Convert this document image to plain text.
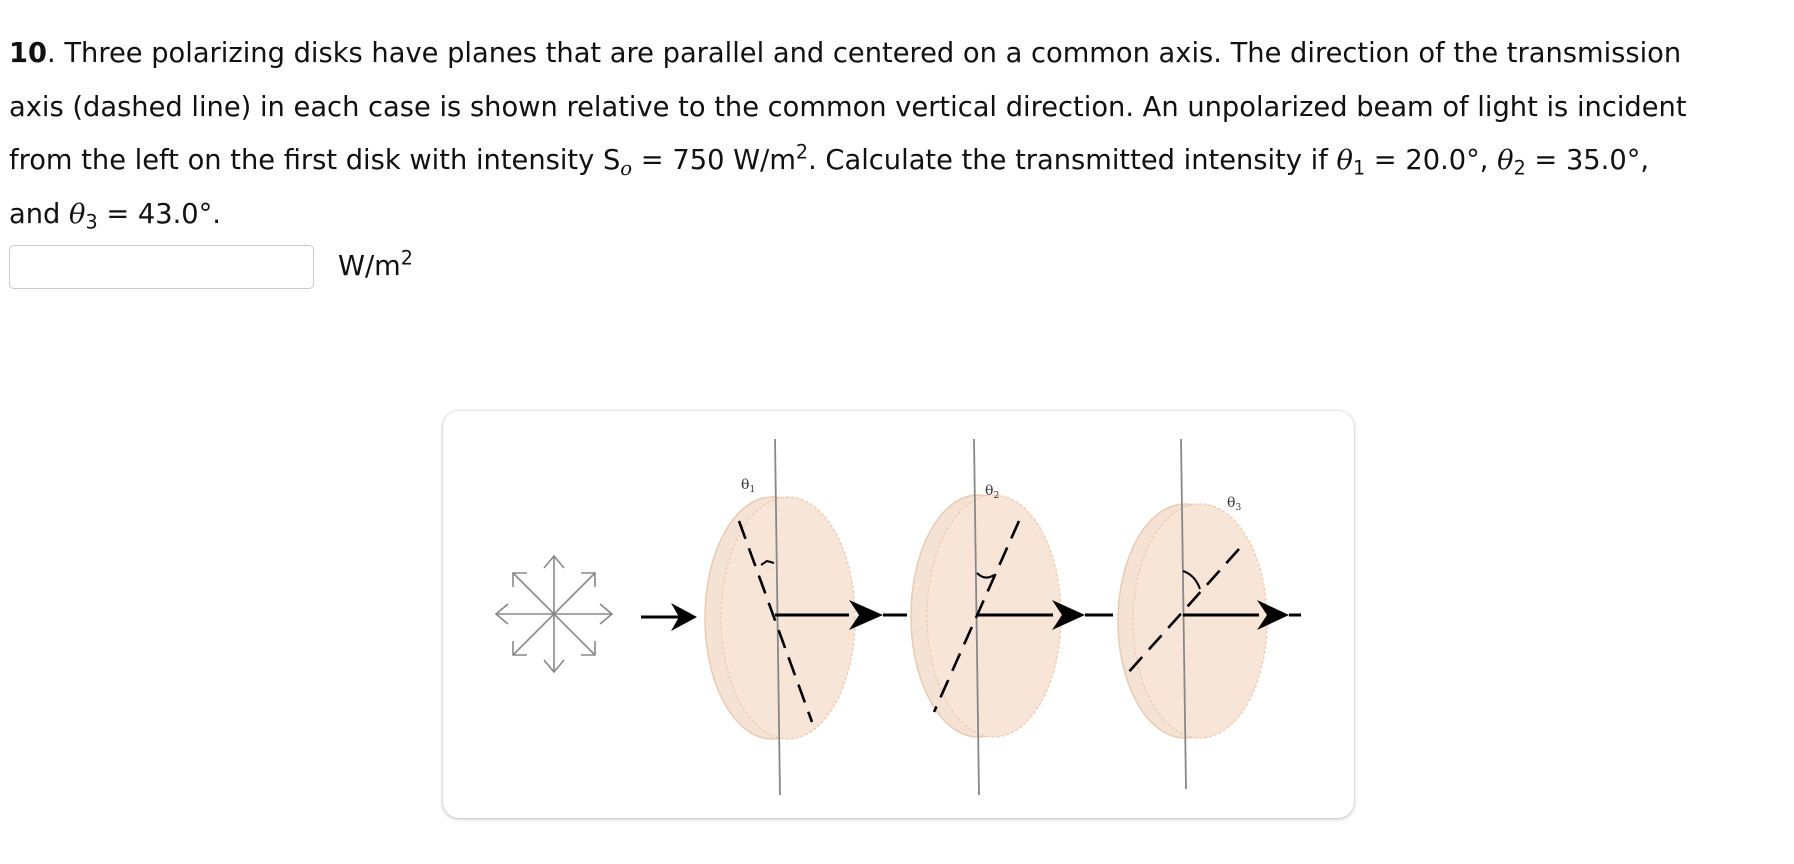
10. Three polarizing disks have planes that are parallel and centered on a common axis. The direction of the transmission
axis (dashed line) in each case is shown relative to the common vertical direction. An unpolarized beam of light is incident
from the left on the first disk with intensity $S_o = 750$ $W/m^2$. Calculate the transmitted intensity if $\theta_1 = 20.0^\circ$, $\theta_2 = 35.0^\circ$,
and $\theta_3 = 43.0^\circ$.
$W/m^2$
$\theta_1$	$\theta_2$	$\theta_3$
